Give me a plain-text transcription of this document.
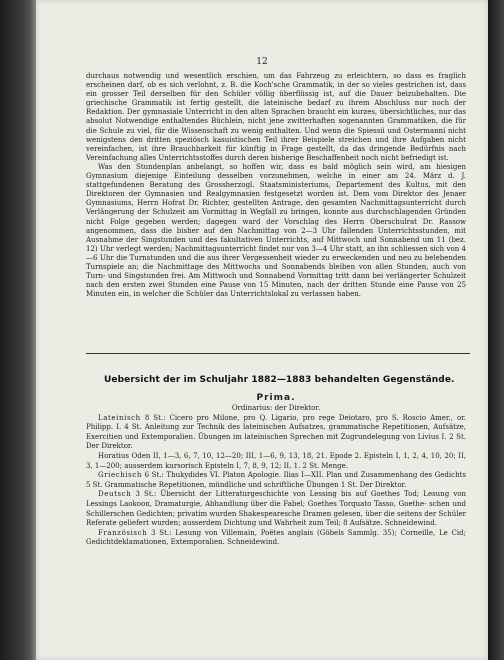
12

durchaus notwendig und wesentlich erschien, um das Fahrzeug zu erleichtern, so dass es fraglich erscheinen darf, ob es sich verlohnt, z. B. die Koch'sche Grammatik, in der so vieles gestrichen ist, dass ein grosser Teil derselben für den Schüler völlig überflüssig ist, auf die Dauer beizubehalten. Die griechische Grammatik ist fertig gestellt, die lateinische bedarf zu ihrem Abschluss nur noch der Redaktion. Der gymnasiale Unterricht in den alten Sprachen braucht ein kurzes, übersichtliches, nur das absolut Notwendige enthaltendes Büchlein, nicht jene zwitterhaften sogenannten Grammatiken, die für die Schule zu viel, für die Wissenschaft zu wenig enthalten. Und wenn die Spiessii und Ostermanni nicht wenigstens den dritten speziösch kasuistischen Teil ihrer Beispiele streichen und ihre Aufgaben nicht vereinfachen, ist ihre Brauchbarkeit für künftig in Frage gestellt, da das dringende Bedürfnis nach Vereinfachung alles Unterrichtsstoffes durch deren bisherige Beschaffenheit noch nicht befriedigt ist.

Was den Stundenplan anbelangt, so hoffen wir, dass es bald möglich sein wird, am hiesigen Gymnasium diejenige Einteilung desselben vorzunehmen, welche in einer am 24. März d. J. stattgefundenen Beratung des Grossherzogl. Staatsministeriums, Departement des Kultus, mit den Direktoren der Gymnasien und Realgymnasien festgesetzt worden ist. Dem vom Direktor des Jenaer Gymnasiums, Herrn Hofrat Dr. Richter, gestellten Antrage, den gesamten Nachmittagsunterricht durch Verlängerung der Schulzeit am Vormittag in Wegfall zu bringen, konnte aus durchschlagenden Gründen nicht Folge gegeben werden; dagegen ward der Vorschlag des Herrn Oberschulrat Dr. Rassow angenommen, dass die bisher auf den Nachmittag von 2—3 Uhr fallenden Unterrichtsstunden, mit Ausnahme der Singstunden und des fakultativen Unterrichts, auf Mittwoch und Sonnabend um 11 (bez. 12) Uhr verlegt werden; Nachmittagsunterricht findet nur von 3—4 Uhr statt, an ihn schliessen sich von 4—6 Uhr die Turnstunden und die aus ihrer Vergessenheit wieder zu erweckenden und neu zu belebenden Turnspiele an; die Nachmittage des Mittwochs und Sonnabends bleiben von allen Stunden, auch von Turn- und Singstunden frei. Am Mittwoch und Sonnabend Vormittag tritt dann bei verlängerter Schulzeit nach den ersten zwei Stunden eine Pause von 15 Minuten, nach der dritten Stunde eine Pause von 25 Minuten ein, in welcher die Schüler das Unterrichtslokal zu verlassen haben.

Uebersicht der im Schuljahr 1882—1883 behandelten Gegenstände.

Prima.

Ordinarius: der Direktor.

Lateinisch 8 St.: Cicero pro Milone, pro Q. Ligario, pro rege Deiotaro, pro S. Roscio Amer., or. Philipp. I. 4 St. Anleitung zur Technik des lateinischen Aufsatzes, grammatische Repetitionen, Aufsätze, Exercitien und Extemporalien. Übungen im lateinischen Sprechen mit Zugrundelegung von Livius I. 2 St. Der Direktor.

Horatius Oden II, 1—3, 6, 7, 10, 12—20; III, 1—6, 9, 13, 18, 21. Epode 2. Episteln I, 1, 2, 4, 10, 20; II, 3, 1—200; ausserdem kursorisch Episteln I, 7, 8, 9, 12; II, 1. 2 St. Menge.

Griechisch 6 St.: Thukydides VI. Platon Apologie. Ilias I—XII. Plan und Zusammenhang des Gedichts 5 St. Grammatische Repetitionen, mündliche und schriftliche Übungen 1 St. Der Direktor.

Deutsch 3 St.: Übersicht der Litteraturgeschichte von Lessing bis auf Goethes Tod; Lesung von Lessings Laokoon, Dramaturgie, Abhandlung über die Fabel; Goethes Torquato Tasso, Goethe- schen und Schillerschen Gedichten; privatim wurden Shakespearesche Dramen gelesen, über die seitens der Schüler Referate geliefert wurden; ausserdem Dichtung und Wahrheit zum Teil; 8 Aufsätze. Schneidewind.

Französisch 3 St.: Lesung von Villemain, Poëtes anglais (Göbels Sammlg. 35); Corneille, Le Cid; Gedichtdeklamationen, Extemporalien. Schneidewind.
